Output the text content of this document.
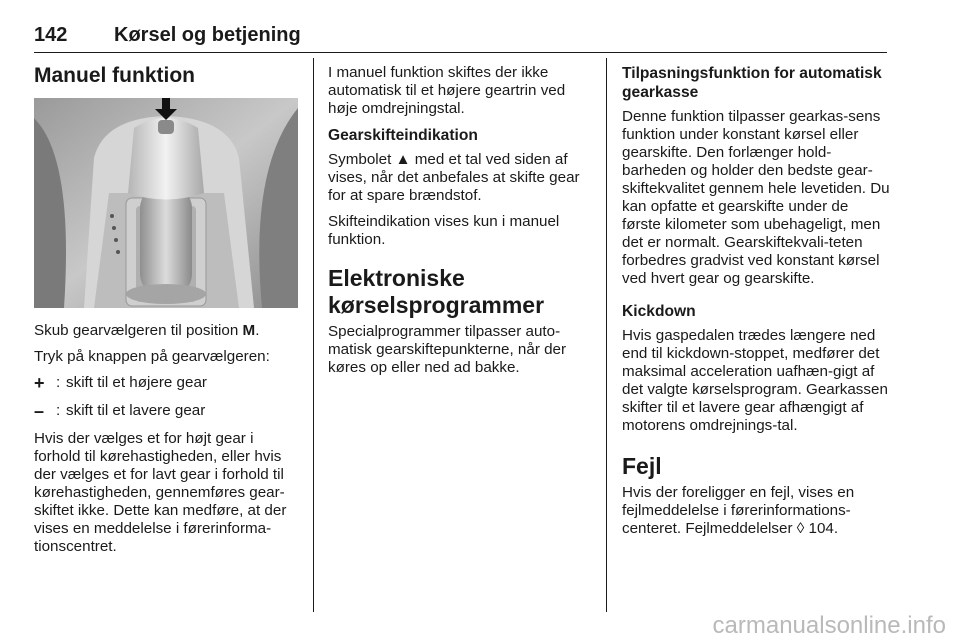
142 Kørsel og betjening
Manuel funktion

Skub gearvælgeren til position M.

Tryk på knappen på gearvælgeren:

+ : skift til et højere gear
– : skift til et lavere gear

Hvis der vælges et for højt gear i forhold til kørehastigheden, eller hvis der vælges et for lavt gear i forhold til kørehastigheden, gennemføres gear-skiftet ikke. Dette kan medføre, at der vises en meddelelse i førerinforma-tionscentret.

I manuel funktion skiftes der ikke automatisk til et højere geartrin ved høje omdrejningstal.

Gearskifteindikation

Symbolet ▲ med et tal ved siden af vises, når det anbefales at skifte gear for at spare brændstof.

Skifteindikation vises kun i manuel funktion.

Elektroniske kørselsprogrammer

Specialprogrammer tilpasser auto-matisk gearskiftepunkterne, når der køres op eller ned ad bakke.

Tilpasningsfunktion for automatisk gearkasse

Denne funktion tilpasser gearkas-sens funktion under konstant kørsel eller gearskifte. Den forlænger hold-barheden og holder den bedste gear-skiftekvalitet gennem hele levetiden. Du kan opfatte et gearskifte under de første kilometer som ubehageligt, men det er normalt. Gearskiftekvali-teten forbedres gradvist ved konstant kørsel ved hvert gear og gearskifte.

Kickdown

Hvis gaspedalen trædes længere ned end til kickdown-stoppet, medfører det maksimal acceleration uafhæn-gigt af det valgte kørselsprogram. Gearkassen skifter til et lavere gear afhængigt af motorens omdrejnings-tal.

Fejl

Hvis der foreligger en fejl, vises en fejlmeddelelse i førerinformations-centeret. Fejlmeddelelser ◊ 104.

carmanualsonline.info
